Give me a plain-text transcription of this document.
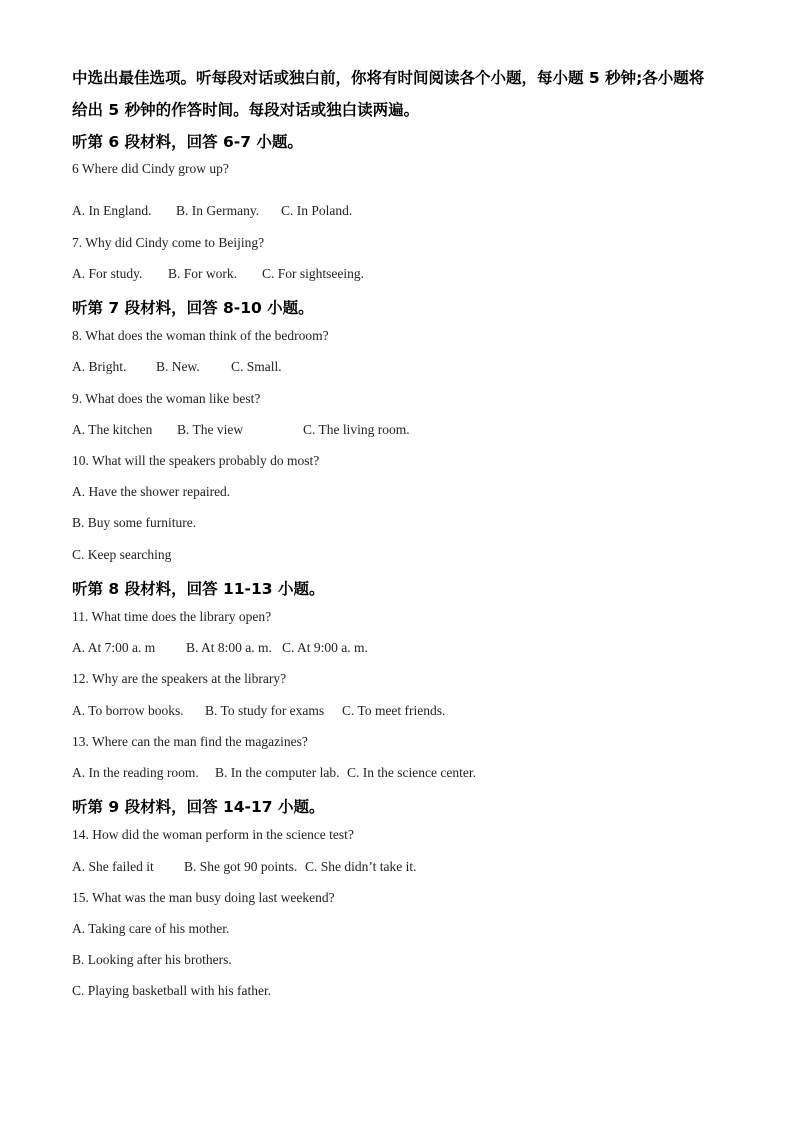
中选出最佳选项。听每段对话或独白前，你将有时间阅读各个小题，每小题 5 秒钟;各小题将
给出 5 秒钟的作答时间。每段对话或独白读两遍。
听第 6 段材料，回答 6-7 小题。
6 Where did Cindy grow up?
A. In England. B. In Germany. C. In Poland.
7. Why did Cindy come to Beijing?
A. For study. B. For work. C. For sightseeing.
听第 7 段材料，回答 8-10 小题。
8. What does the woman think of the bedroom?
A. Bright. B. New. C. Small.
9. What does the woman like best?
A. The kitchen B. The view	C. The living room.
10. What will the speakers probably do most?
A. Have the shower repaired.
B. Buy some furniture.
C. Keep searching
听第 8 段材料，回答 11-13 小题。
11. What time does the library open?
A. At 7:00 a. m B. At 8:00 a. m. C. At 9:00 a. m.
12. Why are the speakers at the library?
A. To borrow books. B. To study for exams C. To meet friends.
13. Where can the man find the magazines?
A. In the reading room. B. In the computer lab. C. In the science center.
听第 9 段材料，回答 14-17 小题。
14. How did the woman perform in the science test?
A. She failed it B. She got 90 points. C. She didn’t take it.
15. What was the man busy doing last weekend?
A. Taking care of his mother.
B. Looking after his brothers.
C. Playing basketball with his father.
